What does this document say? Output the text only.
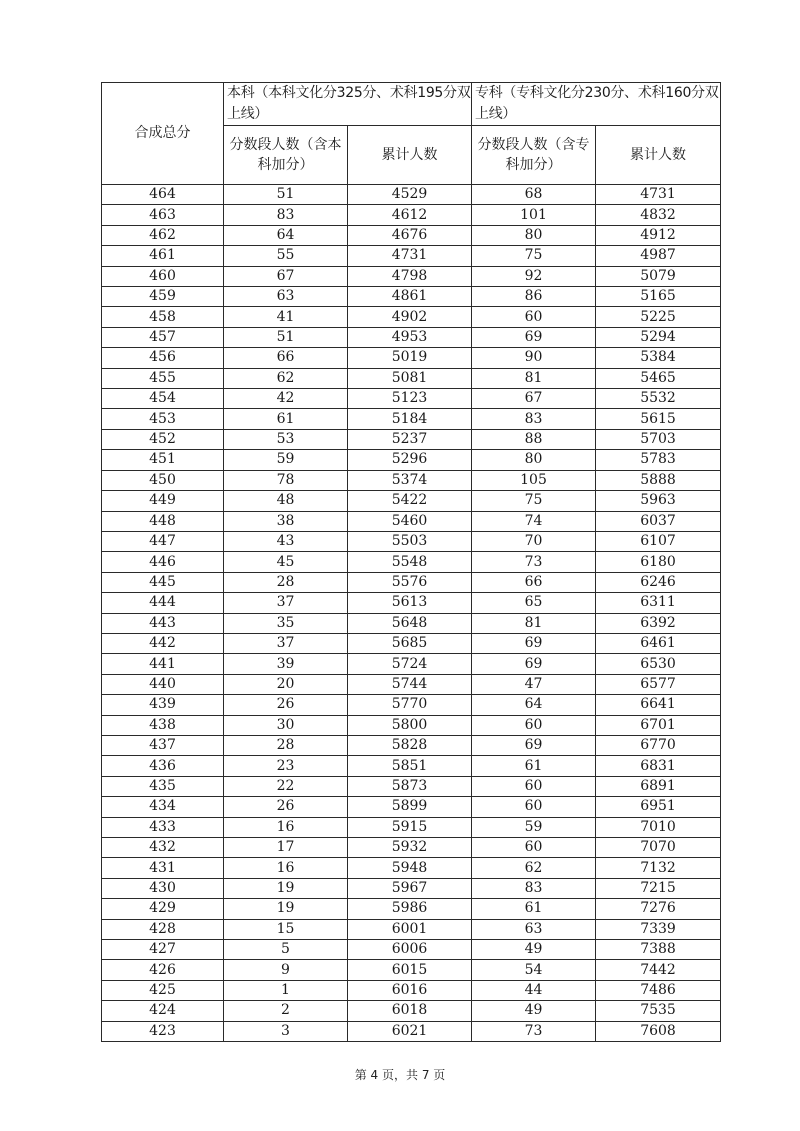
合成总分	本科（本科文化分325分、术科195分双上线）		专科（专科文化分230分、术科160分双上线）	
	分数段人数（含本科加分）	累计人数	分数段人数（含专科加分）	累计人数
464	51	4529	68	4731
463	83	4612	101	4832
462	64	4676	80	4912
461	55	4731	75	4987
460	67	4798	92	5079
459	63	4861	86	5165
458	41	4902	60	5225
457	51	4953	69	5294
456	66	5019	90	5384
455	62	5081	81	5465
454	42	5123	67	5532
453	61	5184	83	5615
452	53	5237	88	5703
451	59	5296	80	5783
450	78	5374	105	5888
449	48	5422	75	5963
448	38	5460	74	6037
447	43	5503	70	6107
446	45	5548	73	6180
445	28	5576	66	6246
444	37	5613	65	6311
443	35	5648	81	6392
442	37	5685	69	6461
441	39	5724	69	6530
440	20	5744	47	6577
439	26	5770	64	6641
438	30	5800	60	6701
437	28	5828	69	6770
436	23	5851	61	6831
435	22	5873	60	6891
434	26	5899	60	6951
433	16	5915	59	7010
432	17	5932	60	7070
431	16	5948	62	7132
430	19	5967	83	7215
429	19	5986	61	7276
428	15	6001	63	7339
427	5	6006	49	7388
426	9	6015	54	7442
425	1	6016	44	7486
424	2	6018	49	7535
423	3	6021	73	7608
第 4 页，共 7 页
